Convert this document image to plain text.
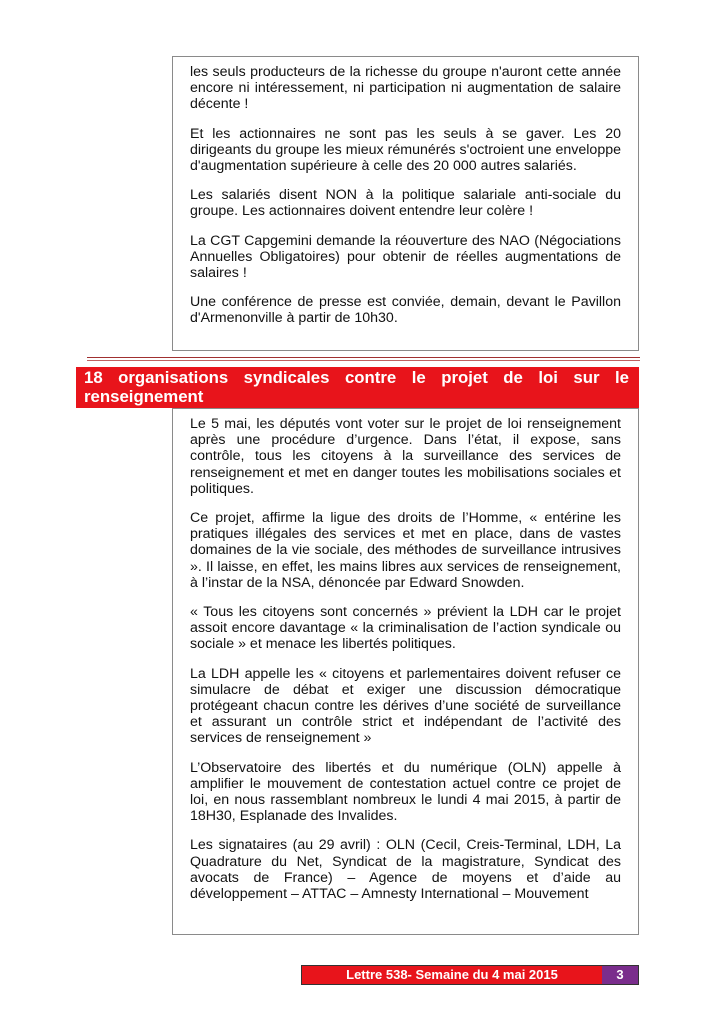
les seuls producteurs de la richesse du groupe n'auront cette année encore ni intéressement, ni participation ni augmentation de salaire décente !

Et les actionnaires ne sont pas les seuls à se gaver. Les 20 dirigeants du groupe les mieux rémunérés s'octroient une enveloppe d'augmentation supérieure à celle des 20 000 autres salariés.

Les salariés disent NON à la politique salariale anti-sociale du groupe. Les actionnaires doivent entendre leur colère !

La CGT Capgemini demande la réouverture des NAO (Négociations Annuelles Obligatoires) pour obtenir de réelles augmentations de salaires !

Une conférence de presse est conviée, demain, devant le Pavillon d'Armenonville à partir de 10h30.

18 organisations syndicales contre le projet de loi sur le renseignement

Le 5 mai, les députés vont voter sur le projet de loi renseignement après une procédure d’urgence. Dans l’état, il expose, sans contrôle, tous les citoyens à la surveillance des services de renseignement et met en danger toutes les mobilisations sociales et politiques.

Ce projet, affirme la ligue des droits de l’Homme, « entérine les pratiques illégales des services et met en place, dans de vastes domaines de la vie sociale, des méthodes de surveillance intrusives ». Il laisse, en effet, les mains libres aux services de renseignement, à l’instar de la NSA, dénoncée par Edward Snowden.

« Tous les citoyens sont concernés » prévient la LDH car le projet assoit encore davantage « la criminalisation de l’action syndicale ou sociale » et menace les libertés politiques.

La LDH appelle les « citoyens et parlementaires doivent refuser ce simulacre de débat et exiger une discussion démocratique protégeant chacun contre les dérives d’une société de surveillance et assurant un contrôle strict et indépendant de l’activité des services de renseignement »

L’Observatoire des libertés et du numérique (OLN) appelle à amplifier le mouvement de contestation actuel contre ce projet de loi, en nous rassemblant nombreux le lundi 4 mai 2015, à partir de 18H30, Esplanade des Invalides.

Les signataires (au 29 avril) : OLN (Cecil, Creis-Terminal, LDH, La Quadrature du Net, Syndicat de la magistrature, Syndicat des avocats de France) – Agence de moyens et d’aide au développement – ATTAC – Amnesty International – Mouvement

Lettre 538- Semaine du 4 mai 2015	3
